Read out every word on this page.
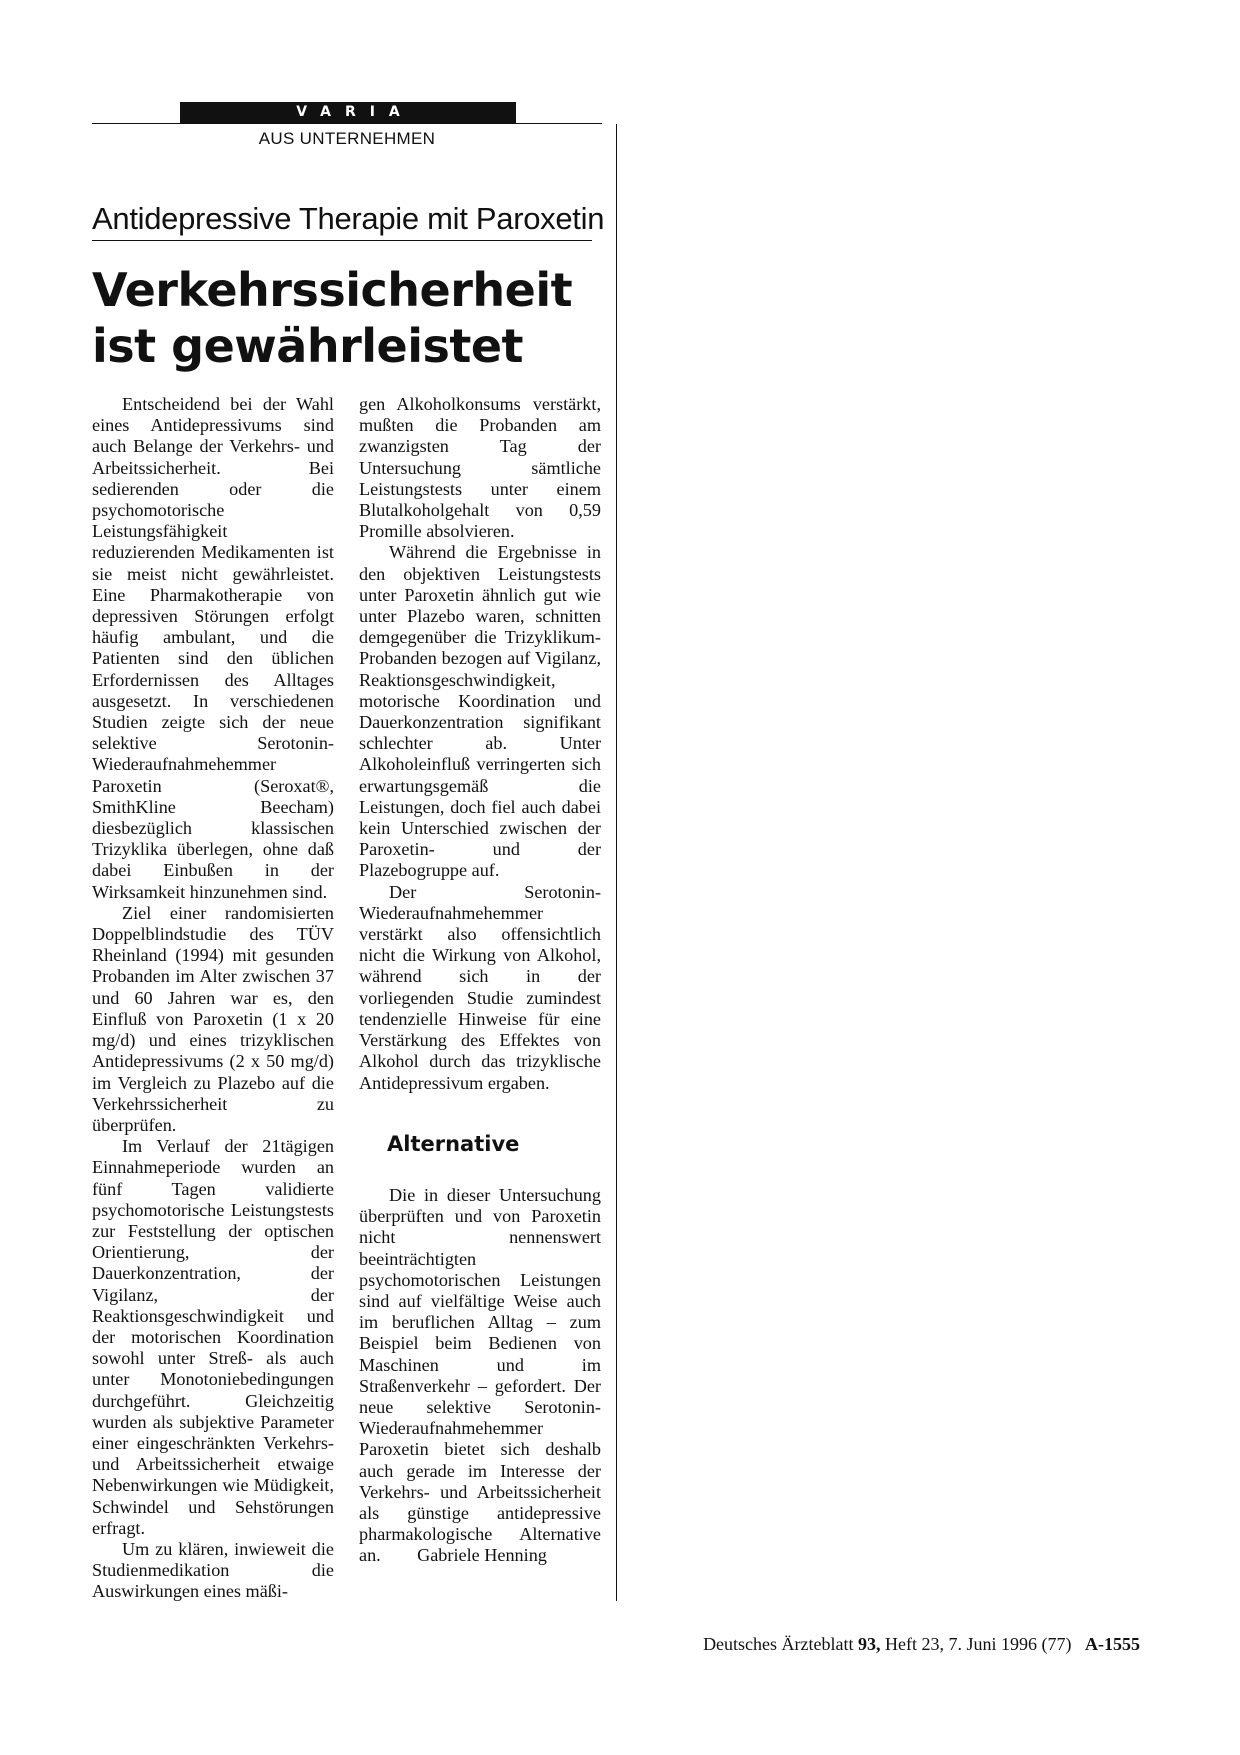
VARIA
AUS UNTERNEHMEN
Antidepressive Therapie mit Paroxetin
Verkehrssicherheit
ist gewährleistet

Entscheidend bei der Wahl eines Antidepressivums sind auch Belange der Verkehrs- und Arbeitssicherheit. Bei sedierenden oder die psychomotorische Leistungsfähigkeit reduzierenden Medikamenten ist sie meist nicht gewährleistet. Eine Pharmakotherapie von depressiven Störungen erfolgt häufig ambulant, und die Patienten sind den üblichen Erfordernissen des Alltages ausgesetzt. In verschiedenen Studien zeigte sich der neue selektive Serotonin-Wiederaufnahmehemmer Paroxetin (Seroxat®, SmithKline Beecham) diesbezüglich klassischen Trizyklika überlegen, ohne daß dabei Einbußen in der Wirksamkeit hinzunehmen sind.

Ziel einer randomisierten Doppelblindstudie des TÜV Rheinland (1994) mit gesunden Probanden im Alter zwischen 37 und 60 Jahren war es, den Einfluß von Paroxetin (1 x 20 mg/d) und eines trizyklischen Antidepressivums (2 x 50 mg/d) im Vergleich zu Plazebo auf die Verkehrssicherheit zu überprüfen.

Im Verlauf der 21tägigen Einnahmeperiode wurden an fünf Tagen validierte psychomotorische Leistungstests zur Feststellung der optischen Orientierung, der Dauerkonzentration, der Vigilanz, der Reaktionsgeschwindigkeit und der motorischen Koordination sowohl unter Streß- als auch unter Monotoniebedingungen durchgeführt. Gleichzeitig wurden als subjektive Parameter einer eingeschränkten Verkehrs- und Arbeitssicherheit etwaige Nebenwirkungen wie Müdigkeit, Schwindel und Sehstörungen erfragt.

Um zu klären, inwieweit die Studienmedikation die Auswirkungen eines mäßi-

gen Alkoholkonsums verstärkt, mußten die Probanden am zwanzigsten Tag der Untersuchung sämtliche Leistungstests unter einem Blutalkoholgehalt von 0,59 Promille absolvieren.

Während die Ergebnisse in den objektiven Leistungstests unter Paroxetin ähnlich gut wie unter Plazebo waren, schnitten demgegenüber die Trizyklikum-Probanden bezogen auf Vigilanz, Reaktionsgeschwindigkeit, motorische Koordination und Dauerkonzentration signifikant schlechter ab. Unter Alkoholeinfluß verringerten sich erwartungsgemäß die Leistungen, doch fiel auch dabei kein Unterschied zwischen der Paroxetin- und der Plazebogruppe auf.

Der Serotonin-Wiederaufnahmehemmer verstärkt also offensichtlich nicht die Wirkung von Alkohol, während sich in der vorliegenden Studie zumindest tendenzielle Hinweise für eine Verstärkung des Effektes von Alkohol durch das trizyklische Antidepressivum ergaben.

Alternative

Die in dieser Untersuchung überprüften und von Paroxetin nicht nennenswert beeinträchtigten psychomotorischen Leistungen sind auf vielfältige Weise auch im beruflichen Alltag – zum Beispiel beim Bedienen von Maschinen und im Straßenverkehr – gefordert. Der neue selektive Serotonin-Wiederaufnahmehemmer Paroxetin bietet sich deshalb auch gerade im Interesse der Verkehrs- und Arbeitssicherheit als günstige antidepressive pharmakologische Alternative an. Gabriele Henning

Deutsches Ärzteblatt 93, Heft 23, 7. Juni 1996 (77) A-1555
